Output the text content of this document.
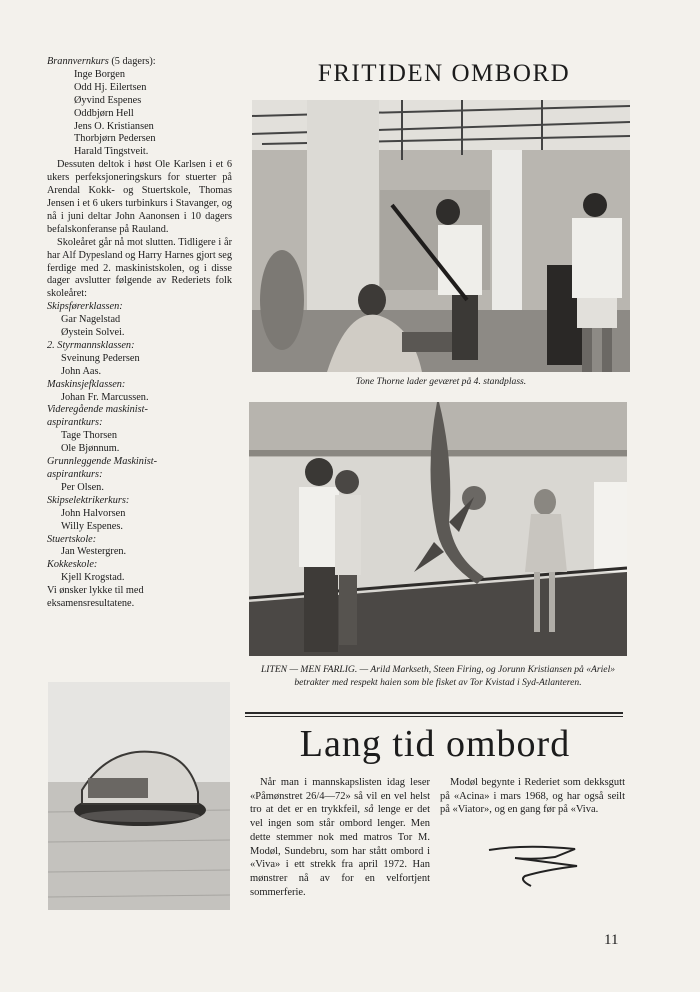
Brannvernkurs (5 dagers):

Inge Borgen

Odd Hj. Eilertsen

Øyvind Espenes

Oddbjørn Hell

Jens O. Kristiansen

Thorbjørn Pedersen

Harald Tingstveit.

Dessuten deltok i høst Ole Karlsen i et 6 ukers perfeksjoneringskurs for stuerter på Arendal Kokk- og Stuertskole, Thomas Jensen i et 6 ukers turbinkurs i Stavanger, og nå i juni deltar John Aanonsen i 10 dagers befalskonferanse på Rauland.

Skoleåret går nå mot slutten. Tidligere i år har Alf Dypesland og Harry Harnes gjort seg ferdige med 2. maskinistskolen, og i disse dager avslutter følgende av Rederiets folk skoleåret:

Skipsførerklassen:

Gar Nagelstad

Øystein Solvei.

2. Styrmannsklassen:

Sveinung Pedersen

John Aas.

Maskinsjefklassen:

Johan Fr. Marcussen.

Videregående maskinist-aspirantkurs:

Tage Thorsen

Ole Bjønnum.

Grunnleggende Maskinist-aspirantkurs:

Per Olsen.

Skipselektrikerkurs:

John Halvorsen

Willy Espenes.

Stuertskole:

Jan Westergren.

Kokkeskole:

Kjell Krogstad.

Vi ønsker lykke til med eksamensresultatene.

FRITIDEN OMBORD
Tone Thorne lader geværet på 4. standplass.
LITEN — MEN FARLIG. — Arild Markseth, Steen Firing, og Jorunn Kristiansen på «Ariel» betrakter med respekt haien som ble fisket av Tor Kvistad i Syd-Atlanteren.
Lang tid ombord
Når man i mannskapslisten idag leser «Påmønstret 26/4—72» så vil en vel helst tro at det er en trykkfeil, så lenge er det vel ingen som står ombord lenger. Men dette stemmer nok med matros Tor M. Modøl, Sundebru, som har stått ombord i «Viva» i ett strekk fra april 1972. Han mønstrer nå av for en velfortjent sommerferie.
Modøl begynte i Rederiet som dekksgutt på «Acina» i mars 1968, og har også seilt på «Viator», og en gang før på «Viva.
11
